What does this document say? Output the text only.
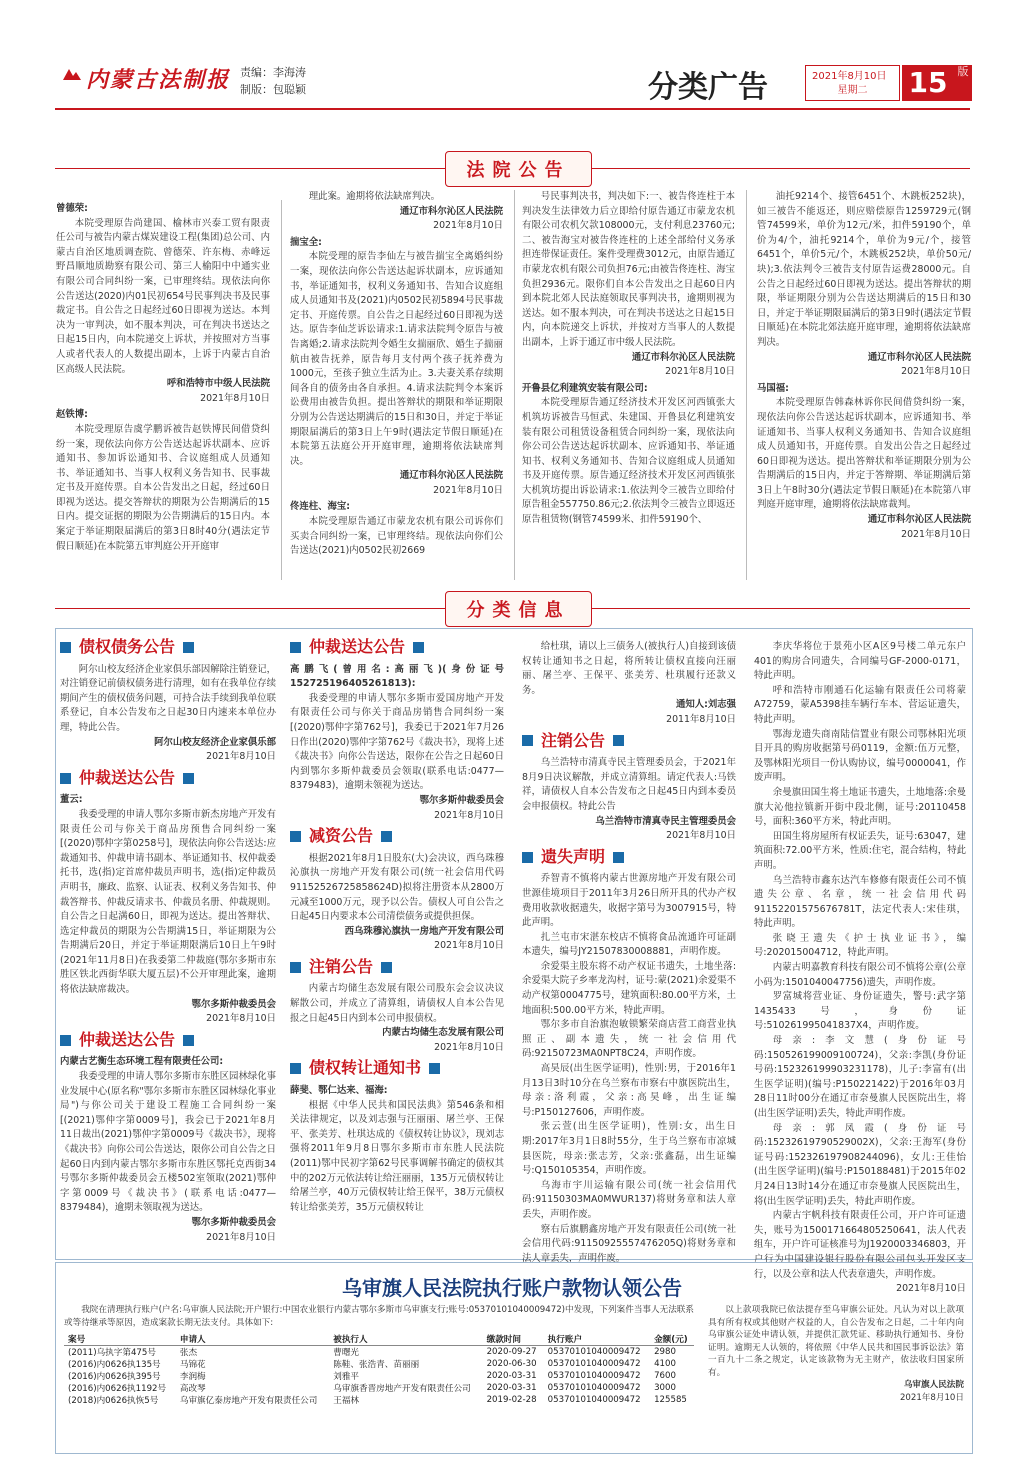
内蒙古法制报 责编：李海涛
制版：包聪颖	分类广告	2021年8月10日
星期二	15 版
法院公告
曾德荣:

本院受理原告尚建国、榆林市兴泰工贸有限责任公司与被告内蒙古煤炭建设工程(集团)总公司、内蒙古自治区地质调查院、曾德荣、许东梅、赤峰远野昌顺地质勘察有限公司、第三人榆阳中中通实业有限公司合同纠纷一案，已审理终结。现依法向你公告送达(2020)内01民初654号民事判决书及民事裁定书。自公告之日起经过60日即视为送达。本判决为一审判决，如不服本判决，可在判决书送达之日起15日内，向本院递交上诉状，并按照对方当事人或者代表人的人数提出副本，上诉于内蒙古自治区高级人民法院。

呼和浩特市中级人民法院
2021年8月10日
赵铁博:

本院受理原告虞学鹏诉被告赵铁博民间借贷纠纷一案，现依法向你方公告送达起诉状副本、应诉通知书、参加诉讼通知书、合议庭组成人员通知书、举证通知书、当事人权利义务告知书、民事裁定书及开庭传票。自本公告发出之日起，经过60日即视为送达。提交答辩状的期限为公告期满后的15日内。提交证据的期限为公告期满后的15日内。本案定于举证期限届满后的第3日8时40分(遇法定节假日顺延)在本院第五审判庭公开开庭审

理此案。逾期将依法缺席判决。

通辽市科尔沁区人民法院
2021年8月10日
揣宝全:

本院受理的原告李仙左与被告揣宝全离婚纠纷一案，现依法向你公告送达起诉状副本，应诉通知书，举证通知书，权利义务通知书、告知合议庭组成人员通知书及(2021)内0502民初5894号民事裁定书、开庭传票。自公告之日起经过60日即视为送达。原告李仙芝诉讼请求:1.请求法院判令原告与被告离婚;2.请求法院判令婚生女揣丽欣、婚生子揣丽航由被告抚养，原告每月支付两个孩子抚养费为1000元，至孩子独立生活为止。3.夫妻关系存续期间各自的债务由各自承担。4.请求法院判令本案诉讼费用由被告负担。提出答辩状的期限和举证期限分别为公告送达期满后的15日和30日，并定于举证期限届满后的第3日上午9时(遇法定节假日顺延)在本院第五法庭公开开庭审理，逾期将依法缺席判决。

通辽市科尔沁区人民法院
2021年8月10日
佟连柱、海宝:

本院受理原告通辽市蒙龙农机有限公司诉你们买卖合同纠纷一案，已审理终结。现依法向你们公告送达(2021)内0502民初2669

号民事判决书，判决如下:一、被告佟连柱于本判决发生法律效力后立即给付原告通辽市蒙龙农机有限公司农机欠款108000元，支付利息23760元;二、被告海宝对被告佟连柱的上述全部给付义务承担连带保证责任。案件受理费3012元，由原告通辽市蒙龙农机有限公司负担76元;由被告佟连柱、海宝负担2936元。限你们自本公告发出之日起60日内到本院北郊人民法庭领取民事判决书，逾期则视为送达。如不服本判决，可在判决书送达之日起15日内，向本院递交上诉状，并按对方当事人的人数提出副本，上诉于通辽市中级人民法院。

通辽市科尔沁区人民法院
2021年8月10日
开鲁县亿利建筑安装有限公司:

本院受理原告通辽经济技术开发区河西镇张大机筑坊诉被告马恒武、朱建国、开鲁县亿利建筑安装有限公司租赁设备租赁合同纠纷一案，现依法向你公司公告送达起诉状副本、应诉通知书、举证通知书、权利义务通知书、告知合议庭组成人员通知书及开庭传票。原告通辽经济技术开发区河西镇张大机筑坊提出诉讼请求:1.依法判令三被告立即给付原告租金557750.86元;2.依法判令三被告立即返还原告租赁物(钢管74599米、扣件59190个、

油托9214个、接管6451个、木跳板252块)，如三被告不能返还，则应赔偿原告1259729元(钢管74599米，单价为12元/米，扣件59190个，单价为4/个，油托9214个，单价为9元/个，接管6451个，单价5元/个，木跳板252块，单价50元/块);3.依法判令三被告支付原告运费28000元。自公告之日起经过60日即视为送达。提出答辩状的期限，举证期限分别为公告送达期满后的15日和30日，并定于举证期限届满后的第3日9时(遇法定节假日顺延)在本院北郊法庭开庭审理，逾期将依法缺席判决。

通辽市科尔沁区人民法院
2021年8月10日
马国福:

本院受理原告韩森林诉你民间借贷纠纷一案，现依法向你公告送达起诉状副本，应诉通知书、举证通知书、当事人权利义务通知书、告知合议庭组成人员通知书，开庭传票。自发出公告之日起经过60日即视为送达。提出答辩状和举证期限分别为公告期满后的15日内，并定于答辩期、举证期满后第3日上午8时30分(遇法定节假日顺延)在本院第八审判庭开庭审理，逾期将依法缺席裁判。

通辽市科尔沁区人民法院
2021年8月10日
分类信息
债权债务公告

阿尔山校友经济企业家俱乐部因解除注销登记，对注销登记前债权债务进行清理，如有在我单位存续期间产生的债权债务问题，可持合法手续到我单位联系登记，自本公告发布之日起30日内速来本单位办理，特此公告。

阿尔山校友经济企业家俱乐部
2021年8月10日
仲裁送达公告
董云:

我委受理的申请人鄂尔多斯市新杰房地产开发有限责任公司与你关于商品房预售合同纠纷一案[(2020)鄂仲字第0258号]，现依法向你公告送达:应裁通知书、仲裁申请书副本、举证通知书、权仲裁委托书，选(指)定首席仲裁员声明书，选(指)定仲裁员声明书，廉政、监察、认证表、权利义务告知书、仲裁答辩书、仲裁反请求书、仲裁员名册、仲裁规则。自公告之日起满60日，即视为送达。提出答辩状、选定仲裁员的期限为公告期满15日，举证期限为公告期满后20日，并定于举证期限满后10日上午9时(2021年11月8日)在我委第二仲裁庭(鄂尔多斯市东胜区铁北西街华联大厦五层)不公开审理此案，逾期将依法缺席裁决。

鄂尔多斯仲裁委员会
2021年8月10日
仲裁送达公告
内蒙古艺衡生态环境工程有限责任公司:

我委受理的申请人鄂尔多斯市东胜区园林绿化事业发展中心(原名称"鄂尔多斯市东胜区园林绿化事业局")与你公司关于建设工程施工合同纠纷一案[(2021)鄂仲字第0009号]，我会已于2021年8月11日裁出(2021)鄂仲字第0009号《裁决书》，现将《裁决书》向你公司公告送达，限你公司自公告之日起60日内到内蒙古鄂尔多斯市东胜区鄂托克西街34号鄂尔多斯仲裁委员会五楼502室领取(2021)鄂仲字第0009号《裁决书》(联系电话:0477—8379484)，逾期未领取视为送达。

鄂尔多斯仲裁委员会
2021年8月10日
仲裁送达公告
高鹏飞(曾用名:高丽飞)(身份证号152725196405261813):

我委受理的申请人鄂尔多斯市爱国房地产开发有限责任公司与你关于商品房销售合同纠纷一案[(2020)鄂仲字第762号]，我委已于2021年7月26日作出(2020)鄂仲字第762号《裁决书》，现将上述《裁决书》向你公告送达，限你在公告之日起60日内到鄂尔多斯仲裁委员会领取(联系电话:0477—8379483)，逾期未领视为送达。

鄂尔多斯仲裁委员会
2021年8月10日
减资公告

根据2021年8月1日股东(大)会决议，西乌珠穆沁旗执一房地产开发有限公司(统一社会信用代码91152526725858624D)拟将注册资本从2800万元减至1000万元，现予以公告。债权人可自公告之日起45日内要求本公司清偿债务或提供担保。

西乌珠穆沁旗执一房地产开发有限公司
2021年8月10日
注销公告

内蒙古均储生态发展有限公司股东会会议决议解散公司，并成立了清算组，请债权人自本公告见报之日起45日内到本公司申报债权。

内蒙古均储生态发展有限公司
2021年8月10日
债权转让通知书
薛斐、鄂仁达来、福海:

根据《中华人民共和国民法典》第546条和相关法律规定，以及刘志强与汪丽丽、屠兰亭、王保平、张美芳、杜琪达成的《债权转让协议》，现刘志强将2011年9月8日鄂尔多斯市市东胜人民法院(2011)鄂中民初字第62号民事调解书确定的债权其中的202万元依法转让给汪丽丽，135万元债权转让给屠兰亭，40万元债权转让给王保平，38万元债权转让给张美芳，35万元债权转让

给杜琪，请以上三债务人(被执行人)自接到该债权转让通知书之日起，将所转让债权直接向汪丽丽、屠兰亭、王保平、张美芳、杜琪履行还款义务。

通知人:刘志强
2011年8月10日
注销公告

乌兰浩特市清真寺民主管理委员会，于2021年8月9日决议解散，并成立清算组。请定代表人:马铁祥，请债权人自本公告发布之日起45日内到本委员会申报债权。特此公告

乌兰浩特市清真寺民主管理委员会
2021年8月10日
遗失声明

乔智青不慎将内蒙古世源房地产开发有限公司世源佳境项目于2011年3月26日所开具的代办产权费用收款收据遗失，收据字第号为3007915号，特此声明。

扎兰屯市宋湛东校店不慎将食品流通许可证副本遗失，编号JY21507830008881，声明作废。

余爱渠主股东将不动产权证书遗失，土地坐落:余爱渠大院子乡率龙沟村，证号:蒙(2021)余爱渠不动产权第0004775号，建筑面积:80.00平方米，土地面积:500.00平方米，特此声明。

鄂尔多市自治旗泡敏锁繁荣商店营工商营业执照正、副本遗失，统一社会信用代码:92150723MA0NPT8C24，声明作废。

高昊辰(出生医学证明)，性别:男，于2016年1月13日3时10分在乌兰察布市察右中旗医院出生，母亲:洛利霞，父亲:高昊峰，出生证编号:P150127606，声明作废。

张云萱(出生医学证明)，性别:女，出生日期:2017年3月1日8时55分，生于乌兰察布市凉城县医院，母亲:张志芳，父亲:张鑫磊，出生证编号:Q150105354，声明作废。

乌海市宇川运输有限公司(统一社会信用代码:91150303MA0MWUR137)将财务章和法人章丢失，声明作废。

察右后旗鹏鑫房地产开发有限责任公司(统一社会信用代码:91150925557476205Q)将财务章和法人章丢失，声明作废。

李庆华将位于景苑小区A区9号楼二单元东户401的购房合同遗失，合同编号GF-2000-0171，特此声明。

呼和浩特市刚通石化运输有限责任公司将蒙A72759，蒙A5398挂车辆行车本、营运证遗失，特此声明。

鄂海龙遗失商南陆信置业有限公司鄂林阳光项目开具的购房收据第号码0119，金额:伍万元整，及鄂林阳光项目一份认购协议，编号0000041，作废声明。

余曼旗田国生将土地证书遗失，土地地落:余曼旗大沁他拉镇新开街中段北侧，证号:20110458号，面积:360平方米，特此声明。

田国生将房屋所有权证丢失，证号:63047，建筑面积:72.00平方米，性质:住宅，混合结构，特此声明。

乌兰浩特市鑫东达汽车修修有限责任公司不慎遗失公章、名章，统一社会信用代码91152201575676781T，法定代表人:宋佳琪，特此声明。

张晓王遗失《护士执业证书》，编号:202015004712，特此声明。

内蒙古明嘉教育科技有限公司不慎将公章(公章小码为:1501040047756)遗失，声明作废。

罗富城将营业证、身份证遗失，警号:武字第1435433号，身份证号:510261995041837X4，声明作废。

母亲:李文慧(身份证号码:150526199009100724)，父亲:李凯(身份证号码:152326199903231178)，儿子:李富有(出生医学证明)(编号:P150221422)于2016年03月28日11时00分在通辽市奈曼旗人民医院出生，将(出生医学证明)丢失，特此声明作废。

母亲:郭凤霞(身份证号码:15232619790529002X)，父亲:王海军(身份证号码:152326197908244096)，女儿:王佳怡(出生医学证明)(编号:P150188481)于2015年02月24日13时14分在通辽市奈曼旗人民医院出生，将(出生医学证明)丢失，特此声明作废。

内蒙古宇帆科技有限责任公司，开户许可证遗失，账号为1500171664805250641，法人代表组车，开户许可证核准号为J1920003346803，开户行为中国建设银行股份有限公司包头开发区支行，以及公章和法人代表章遗失，声明作废。

2021年8月10日
乌审旗人民法院执行账户款物认领公告

我院在清理执行账户(户名:乌审旗人民法院;开户银行:中国农业银行内蒙古鄂尔多斯市乌审旗支行;账号:05370101040009472)中发现，下列案件当事人无法联系或等待继承等原因，造成案款长期无法支付。具体如下:

案号	申请人	被执行人	缴款时间	执行账户	金额(元)
(2011)乌执字第475号	张杰	曹曙光	2020-09-27	05370101040009472	2980
(2016)内0626执135号	马锦花	陈鞋、张浩青、苗丽丽	2020-06-30	05370101040009472	4100
(2016)内0626执395号	李润梅	刘雅平	2020-03-31	05370101040009472	7600
(2016)内0626执1192号	高改琴	乌审旗香晋房地产开发有限责任公司	2020-03-31	05370101040009472	3000
(2018)内0626执恢5号	乌审旗亿泰房地产开发有限责任公司	王福林	2019-02-28	05370101040009472	125585

以上款项我院已依法提存至乌审旗公证处。凡认为对以上款项具有所有权或其他财产权益的人，自公告发布之日起，二十年内向乌审旗公证处申请认领，并提供汇款凭证、移助执行通知书、身份证明。逾期无人认领的，将依照《中华人民共和国民事诉讼法》第一百九十二条之规定，认定该款物为无主财产，依法收归国家所有。

乌审旗人民法院
2021年8月10日
